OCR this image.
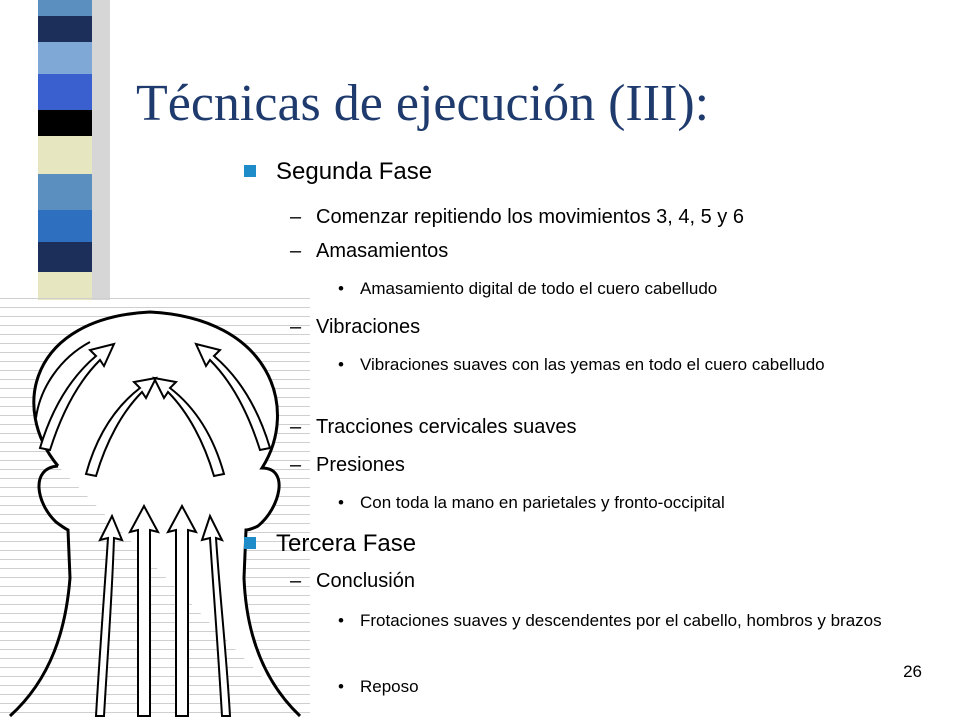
Técnicas de ejecución (III):
Segunda Fase
– Comenzar repitiendo los movimientos 3, 4, 5 y 6
– Amasamientos
• Amasamiento digital de todo el cuero cabelludo
– Vibraciones
• Vibraciones suaves con las yemas en todo el cuero cabelludo
– Tracciones cervicales suaves
– Presiones
• Con toda la mano en parietales y fronto-occipital
Tercera Fase
– Conclusión
• Frotaciones suaves y descendentes por el cabello, hombros y brazos
• Reposo
26
